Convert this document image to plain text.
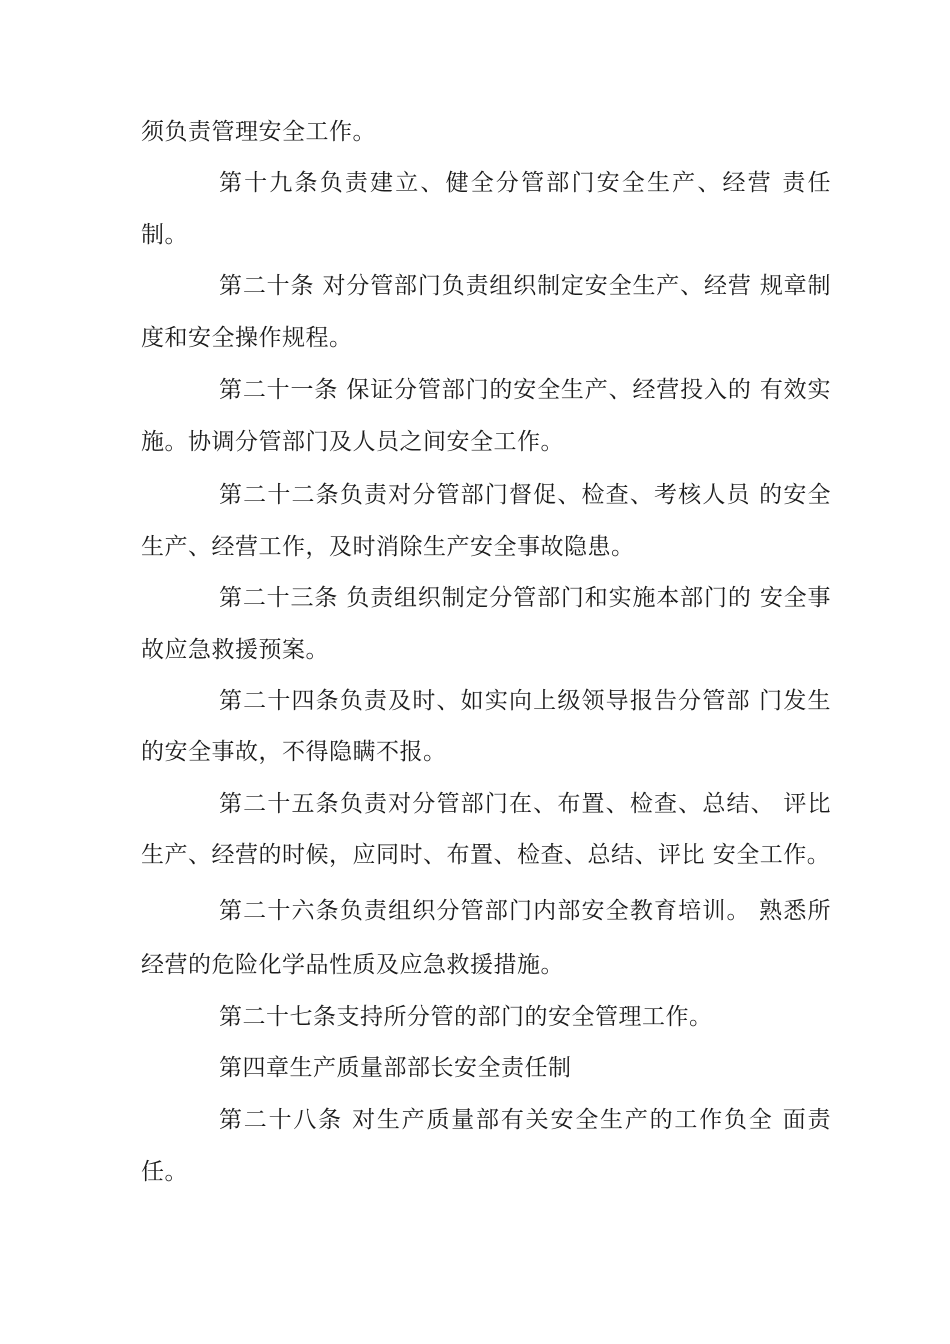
须负责管理安全工作。
第十九条负责建立、健全分管部门安全生产、经营 责任
制。
第二十条 对分管部门负责组织制定安全生产、经营 规章制
度和安全操作规程。
第二十一条 保证分管部门的安全生产、经营投入的 有效实
施。协调分管部门及人员之间安全工作。
第二十二条负责对分管部门督促、检查、考核人员 的安全
生产、经营工作，及时消除生产安全事故隐患。
第二十三条 负责组织制定分管部门和实施本部门的 安全事
故应急救援预案。
第二十四条负责及时、如实向上级领导报告分管部 门发生
的安全事故，不得隐瞒不报。
第二十五条负责对分管部门在、布置、检查、总结、 评比
生产、经营的时候，应同时、布置、检查、总结、评比 安全工作。
第二十六条负责组织分管部门内部安全教育培训。 熟悉所
经营的危险化学品性质及应急救援措施。
第二十七条支持所分管的部门的安全管理工作。
第四章生产质量部部长安全责任制
第二十八条 对生产质量部有关安全生产的工作负全 面责
任。
